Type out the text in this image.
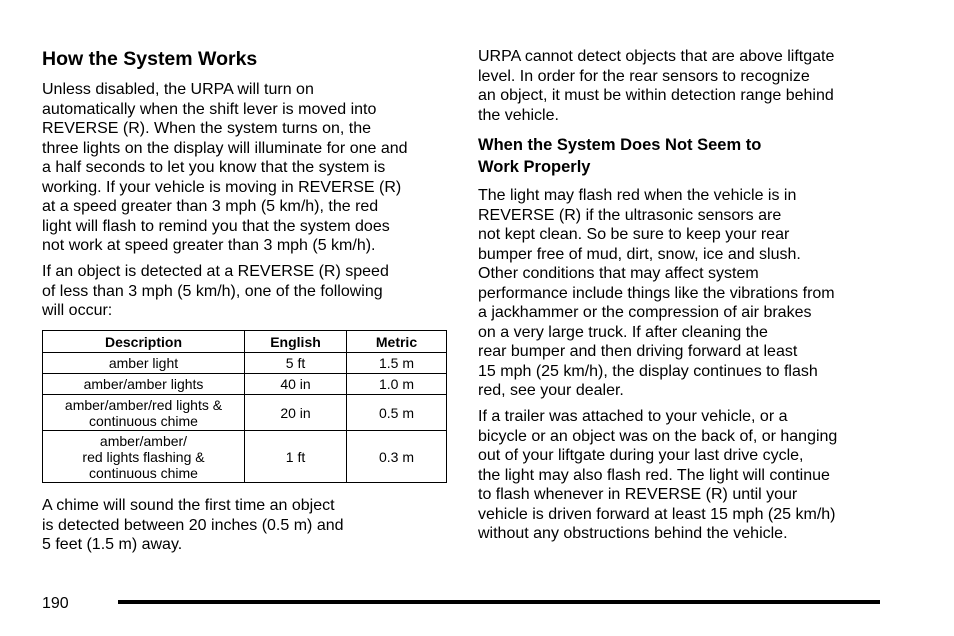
How the System Works

Unless disabled, the URPA will turn on
automatically when the shift lever is moved into
REVERSE (R). When the system turns on, the
three lights on the display will illuminate for one and
a half seconds to let you know that the system is
working. If your vehicle is moving in REVERSE (R)
at a speed greater than 3 mph (5 km/h), the red
light will flash to remind you that the system does
not work at speed greater than 3 mph (5 km/h).

If an object is detected at a REVERSE (R) speed
of less than 3 mph (5 km/h), one of the following
will occur:

Description	English	Metric

amber light	5 ft	1.5 m

amber/amber lights	40 in	1.0 m

amber/amber/red lights &
continuous chime	20 in	0.5 m

amber/amber/
red lights flashing &
continuous chime	1 ft	0.3 m

A chime will sound the first time an object
is detected between 20 inches (0.5 m) and
5 feet (1.5 m) away.

URPA cannot detect objects that are above liftgate
level. In order for the rear sensors to recognize
an object, it must be within detection range behind
the vehicle.

When the System Does Not Seem to
Work Properly

The light may flash red when the vehicle is in
REVERSE (R) if the ultrasonic sensors are
not kept clean. So be sure to keep your rear
bumper free of mud, dirt, snow, ice and slush.
Other conditions that may affect system
performance include things like the vibrations from
a jackhammer or the compression of air brakes
on a very large truck. If after cleaning the
rear bumper and then driving forward at least
15 mph (25 km/h), the display continues to flash
red, see your dealer.

If a trailer was attached to your vehicle, or a
bicycle or an object was on the back of, or hanging
out of your liftgate during your last drive cycle,
the light may also flash red. The light will continue
to flash whenever in REVERSE (R) until your
vehicle is driven forward at least 15 mph (25 km/h)
without any obstructions behind the vehicle.

190
